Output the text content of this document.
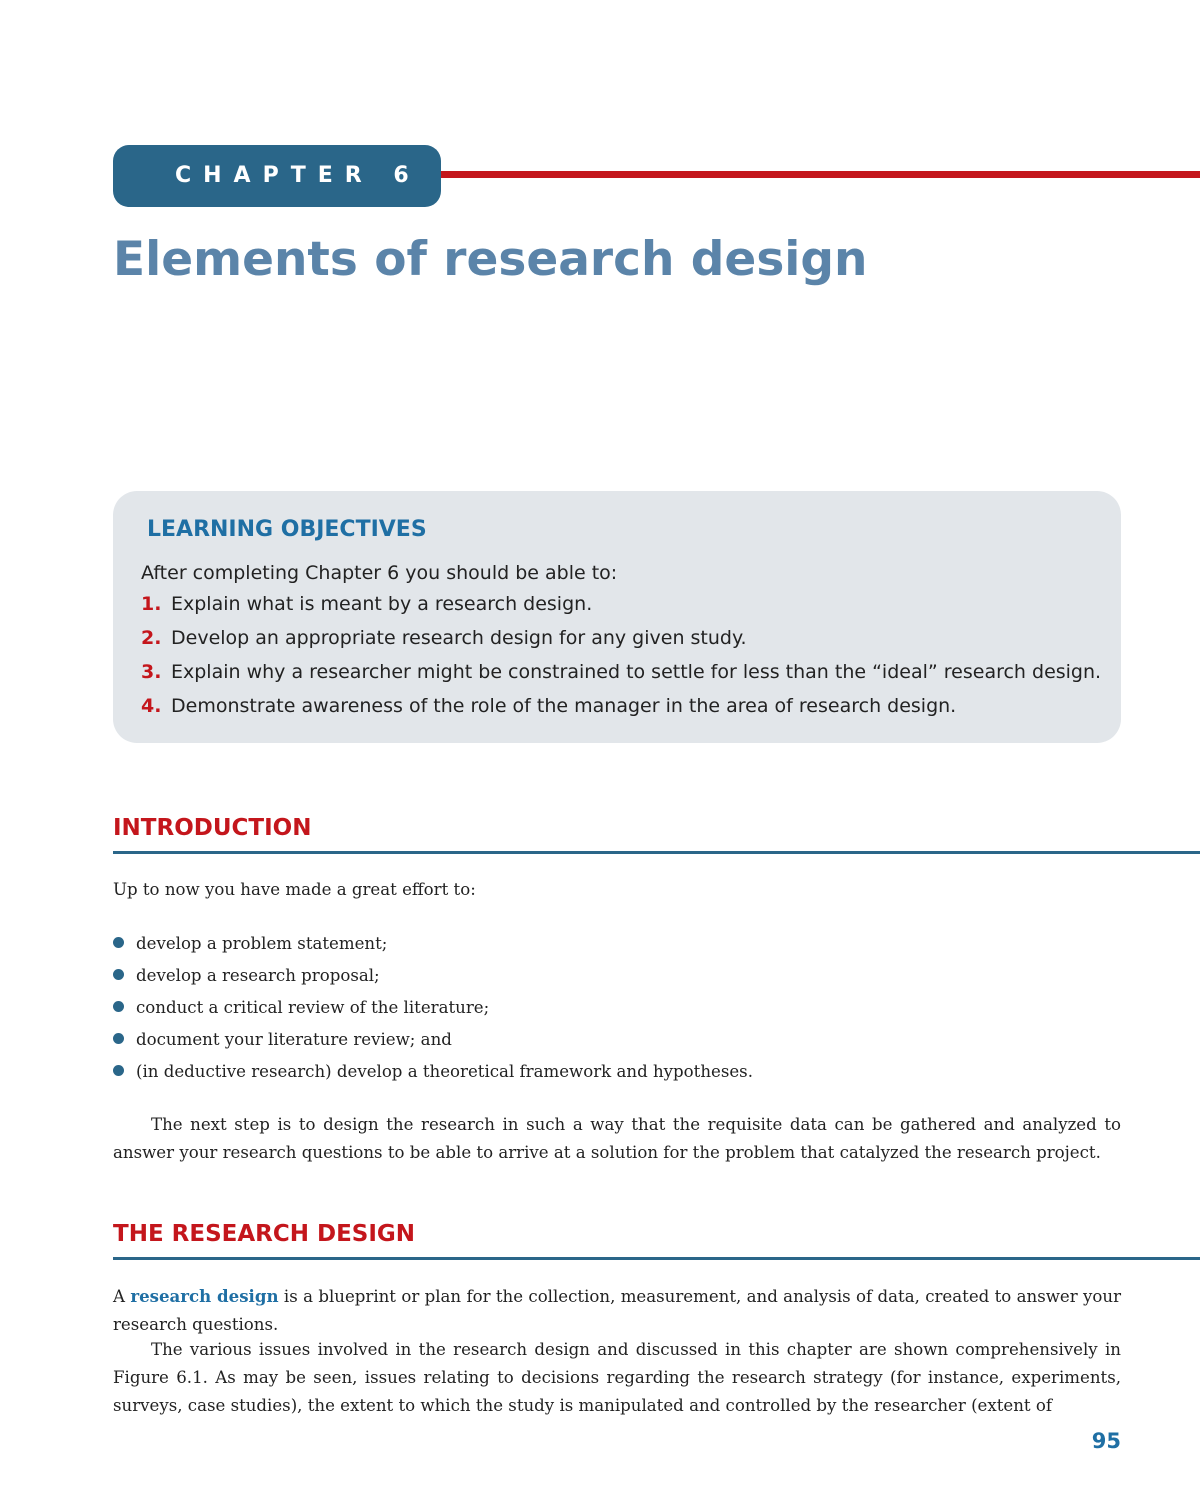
CHAPTER 6
Elements of research design
LEARNING OBJECTIVES

After completing Chapter 6 you should be able to:

1. Explain what is meant by a research design.
2. Develop an appropriate research design for any given study.
3. Explain why a researcher might be constrained to settle for less than the “ideal” research design.
4. Demonstrate awareness of the role of the manager in the area of research design.
INTRODUCTION

Up to now you have made a great effort to:

develop a problem statement;
develop a research proposal;
conduct a critical review of the literature;
document your literature review; and
(in deductive research) develop a theoretical framework and hypotheses.

The next step is to design the research in such a way that the requisite data can be gathered and analyzed to answer your research questions to be able to arrive at a solution for the problem that catalyzed the research project.

THE RESEARCH DESIGN

A research design is a blueprint or plan for the collection, measurement, and analysis of data, created to answer your research questions.

The various issues involved in the research design and discussed in this chapter are shown comprehensively in Figure 6.1. As may be seen, issues relating to decisions regarding the research strategy (for instance, experiments, surveys, case studies), the extent to which the study is manipulated and controlled by the researcher (extent of

95
